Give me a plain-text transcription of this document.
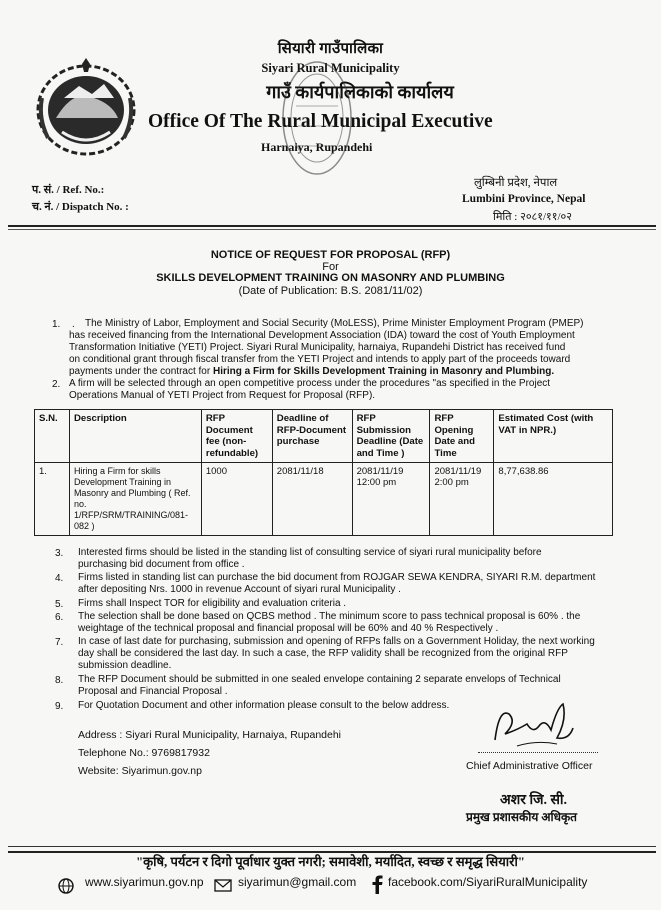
सियारी गाउँपालिका
Siyari Rural Municipality
गाउँ कार्यपालिकाको कार्यालय
Office Of The Rural Municipal Executive
Harnaiya, Rupandehi
प. सं. / Ref. No.:
च. नं. / Dispatch No. :
लुम्बिनी प्रदेश, नेपाल
Lumbini Province, Nepal
मिति : २०८१/११/०२
NOTICE OF REQUEST FOR PROPOSAL (RFP)
For
SKILLS DEVELOPMENT TRAINING ON MASONRY AND PLUMBING
(Date of Publication: B.S. 2081/11/02)
1. . The Ministry of Labor, Employment and Social Security (MoLESS), Prime Minister Employment Program (PMEP)
has received financing from the International Development Association (IDA) toward the cost of Youth Employment
Transformation Initiative (YETI) Project. Siyari Rural Municipality, harnaiya, Rupandehi District has received fund
on conditional grant through fiscal transfer from the YETI Project and intends to apply part of the proceeds toward
payments under the contract for Hiring a Firm for Skills Development Training in Masonry and Plumbing.
2. A firm will be selected through an open competitive process under the procedures "as specified in the Project
Operations Manual of YETI Project from Request for Proposal (RFP).
S.N.	Description	RFP Document fee (non-refundable)	Deadline of RFP-Document purchase	RFP Submission Deadline (Date and Time )	RFP Opening Date and Time	Estimated Cost (with VAT in NPR.)
1.	Hiring a Firm for skills Development Training in Masonry and Plumbing ( Ref. no. 1/RFP/SRM/TRAINING/081-082 )	1000	2081/11/18	2081/11/19 12:00 pm	2081/11/19 2:00 pm	8,77,638.86
3. Interested firms should be listed in the standing list of consulting service of siyari rural municipality before
purchasing bid document from office .
4. Firms listed in standing list can purchase the bid document from ROJGAR SEWA KENDRA, SIYARI R.M. department
after depositing Nrs. 1000 in revenue Account of siyari rural Municipality .
5. Firms shall Inspect TOR for eligibility and evaluation criteria .
6. The selection shall be done based on QCBS method . The minimum score to pass technical proposal is 60% . the
weightage of the technical proposal and financial proposal will be 60% and 40 % Respectively .
7. In case of last date for purchasing, submission and opening of RFPs falls on a Government Holiday, the next working
day shall be considered the last day. In such a case, the RFP validity shall be recognized from the original RFP
submission deadline.
8. The RFP Document should be submitted in one sealed envelope containing 2 separate envelops of Technical
Proposal and Financial Proposal .
9. For Quotation Document and other information please consult to the below address.
Address : Siyari Rural Municipality, Harnaiya, Rupandehi
Telephone No.: 9769817932
Website: Siyarimun.gov.np	Chief Administrative Officer
अशर जि. सी.
प्रमुख प्रशासकीय अधिकृत
"कृषि, पर्यटन र दिगो पूर्वाधार युक्त नगरी; समावेशी, मर्यादित, स्वच्छ र समृद्ध सियारी"
www.siyarimun.gov.np	siyarimun@gmail.com	facebook.com/SiyariRuralMunicipality
